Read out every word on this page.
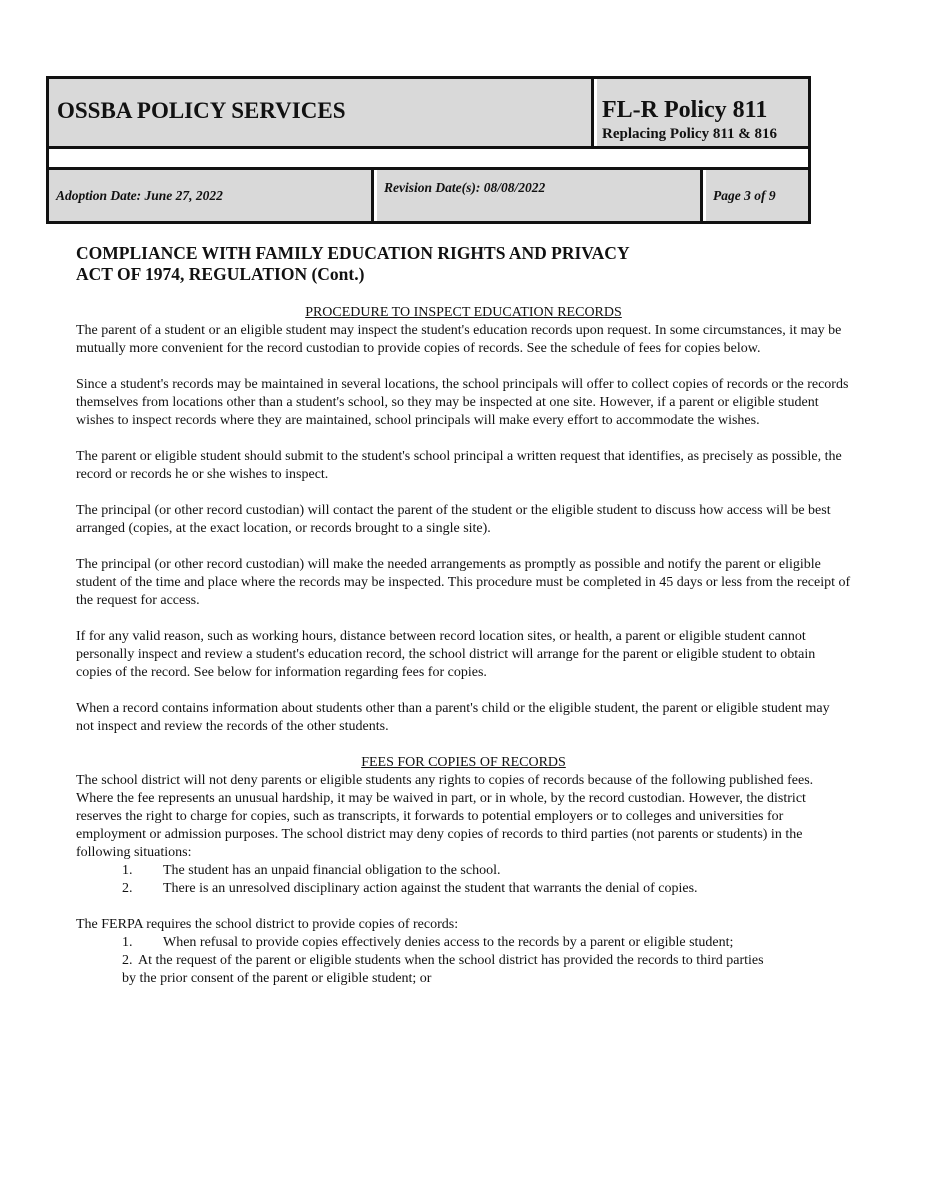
OSSBA POLICY SERVICES	FL-R Policy 811
Replacing Policy 811 & 816
Adoption Date: June 27, 2022
Revision Date(s): 08/08/2022
Page 3 of 9
COMPLIANCE WITH FAMILY EDUCATION RIGHTS AND PRIVACY
ACT OF 1974, REGULATION (Cont.)
PROCEDURE TO INSPECT EDUCATION RECORDS

The parent of a student or an eligible student may inspect the student's education records upon request. In some circumstances, it may be mutually more convenient for the record custodian to provide copies of records. See the schedule of fees for copies below.

Since a student's records may be maintained in several locations, the school principals will offer to collect copies of records or the records themselves from locations other than a student's school, so they may be inspected at one site. However, if a parent or eligible student wishes to inspect records where they are maintained, school principals will make every effort to accommodate the wishes.

The parent or eligible student should submit to the student's school principal a written request that identifies, as precisely as possible, the record or records he or she wishes to inspect.

The principal (or other record custodian) will contact the parent of the student or the eligible student to discuss how access will be best arranged (copies, at the exact location, or records brought to a single site).

The principal (or other record custodian) will make the needed arrangements as promptly as possible and notify the parent or eligible student of the time and place where the records may be inspected. This procedure must be completed in 45 days or less from the receipt of the request for access.

If for any valid reason, such as working hours, distance between record location sites, or health, a parent or eligible student cannot personally inspect and review a student's education record, the school district will arrange for the parent or eligible student to obtain copies of the record. See below for information regarding fees for copies.

When a record contains information about students other than a parent's child or the eligible student, the parent or eligible student may not inspect and review the records of the other students.

FEES FOR COPIES OF RECORDS

The school district will not deny parents or eligible students any rights to copies of records because of the following published fees. Where the fee represents an unusual hardship, it may be waived in part, or in whole, by the record custodian. However, the district reserves the right to charge for copies, such as transcripts, it forwards to potential employers or to colleges and universities for employment or admission purposes. The school district may deny copies of records to third parties (not parents or students) in the following situations:

1. The student has an unpaid financial obligation to the school.
2. There is an unresolved disciplinary action against the student that warrants the denial of copies.

The FERPA requires the school district to provide copies of records:

1. When refusal to provide copies effectively denies access to the records by a parent or eligible student;
2. At the request of the parent or eligible students when the school district has provided the records to third parties
by the prior consent of the parent or eligible student; or
